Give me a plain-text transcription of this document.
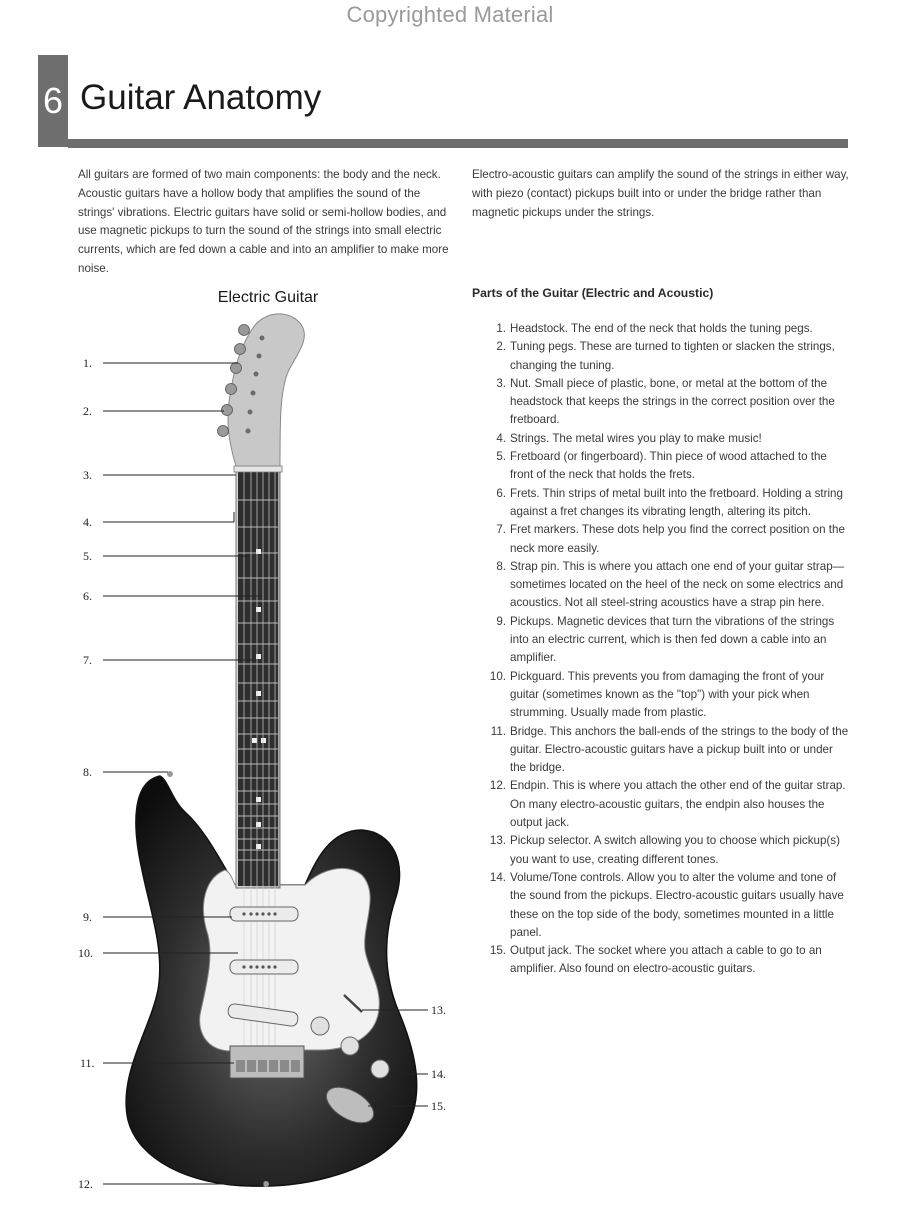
Copyrighted Material
6 Guitar Anatomy

All guitars are formed of two main components: the body and the neck. Acoustic guitars have a hollow body that amplifies the sound of the strings' vibrations. Electric guitars have solid or semi-hollow bodies, and use magnetic pickups to turn the sound of the strings into small electric currents, which are fed down a cable and into an amplifier to make more noise.

Electro-acoustic guitars can amplify the sound of the strings in either way, with piezo (contact) pickups built into or under the bridge rather than magnetic pickups under the strings.

Electric Guitar
1.
2.
3.
4.
5.
6.
7.
8.
9.
10.
11.
12.
13.
14.
15.
Parts of the Guitar (Electric and Acoustic)
1. Headstock. The end of the neck that holds the tuning pegs.
2. Tuning pegs. These are turned to tighten or slacken the strings, changing the tuning.
3. Nut. Small piece of plastic, bone, or metal at the bottom of the headstock that keeps the strings in the correct position over the fretboard.
4. Strings. The metal wires you play to make music!
5. Fretboard (or fingerboard). Thin piece of wood attached to the front of the neck that holds the frets.
6. Frets. Thin strips of metal built into the fretboard. Holding a string against a fret changes its vibrating length, altering its pitch.
7. Fret markers. These dots help you find the correct position on the neck more easily.
8. Strap pin. This is where you attach one end of your guitar strap—sometimes located on the heel of the neck on some electrics and acoustics. Not all steel-string acoustics have a strap pin here.
9. Pickups. Magnetic devices that turn the vibrations of the strings into an electric current, which is then fed down a cable into an amplifier.
10. Pickguard. This prevents you from damaging the front of your guitar (sometimes known as the "top") with your pick when strumming. Usually made from plastic.
11. Bridge. This anchors the ball-ends of the strings to the body of the guitar. Electro-acoustic guitars have a pickup built into or under the bridge.
12. Endpin. This is where you attach the other end of the guitar strap. On many electro-acoustic guitars, the endpin also houses the output jack.
13. Pickup selector. A switch allowing you to choose which pickup(s) you want to use, creating different tones.
14. Volume/Tone controls. Allow you to alter the volume and tone of the sound from the pickups. Electro-acoustic guitars usually have these on the top side of the body, sometimes mounted in a little panel.
15. Output jack. The socket where you attach a cable to go to an amplifier. Also found on electro-acoustic guitars.
